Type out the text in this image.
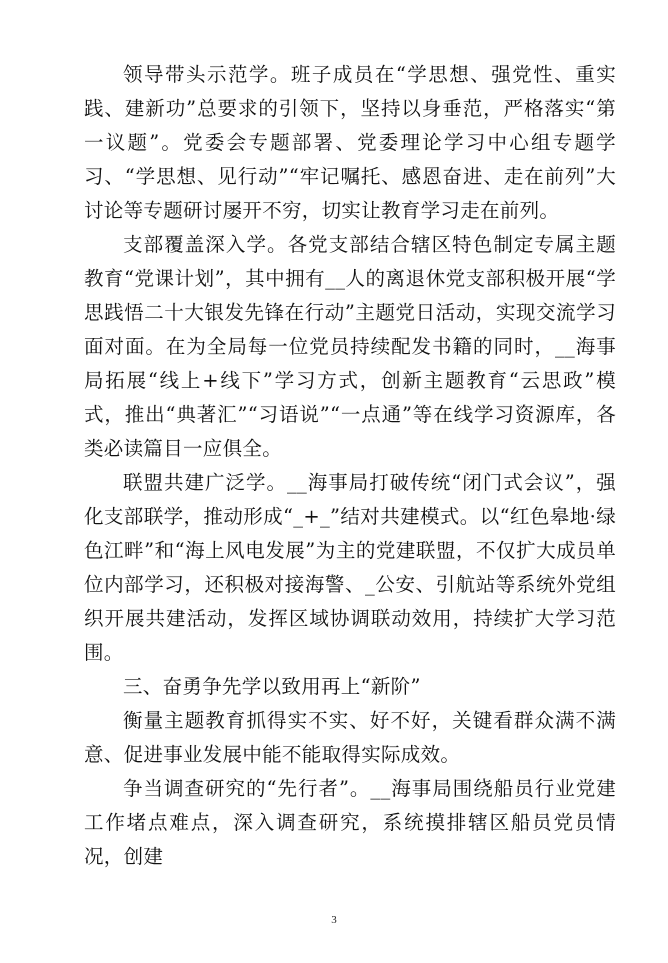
领导带头示范学。班子成员在“学思想、强党性、重实践、建新功”总要求的引领下，坚持以身垂范，严格落实“第一议题”。党委会专题部署、党委理论学习中心组专题学习、“学思想、见行动”“牢记嘱托、感恩奋进、走在前列”大讨论等专题研讨屡开不穷，切实让教育学习走在前列。

支部覆盖深入学。各党支部结合辖区特色制定专属主题教育“党课计划”，其中拥有__人的离退休党支部积极开展“学思践悟二十大银发先锋在行动”主题党日活动，实现交流学习面对面。在为全局每一位党员持续配发书籍的同时，__海事局拓展“线上+线下”学习方式，创新主题教育“云思政”模式，推出“典著汇”“习语说”“一点通”等在线学习资源库，各类必读篇目一应俱全。

联盟共建广泛学。__海事局打破传统“闭门式会议”，强化支部联学，推动形成“_+_”结对共建模式。以“红色皋地·绿色江畔”和“海上风电发展”为主的党建联盟，不仅扩大成员单位内部学习，还积极对接海警、_公安、引航站等系统外党组织开展共建活动，发挥区域协调联动效用，持续扩大学习范围。

三、奋勇争先学以致用再上“新阶”

衡量主题教育抓得实不实、好不好，关键看群众满不满意、促进事业发展中能不能取得实际成效。

争当调查研究的“先行者”。__海事局围绕船员行业党建工作堵点难点，深入调查研究，系统摸排辖区船员党员情况，创建

3
